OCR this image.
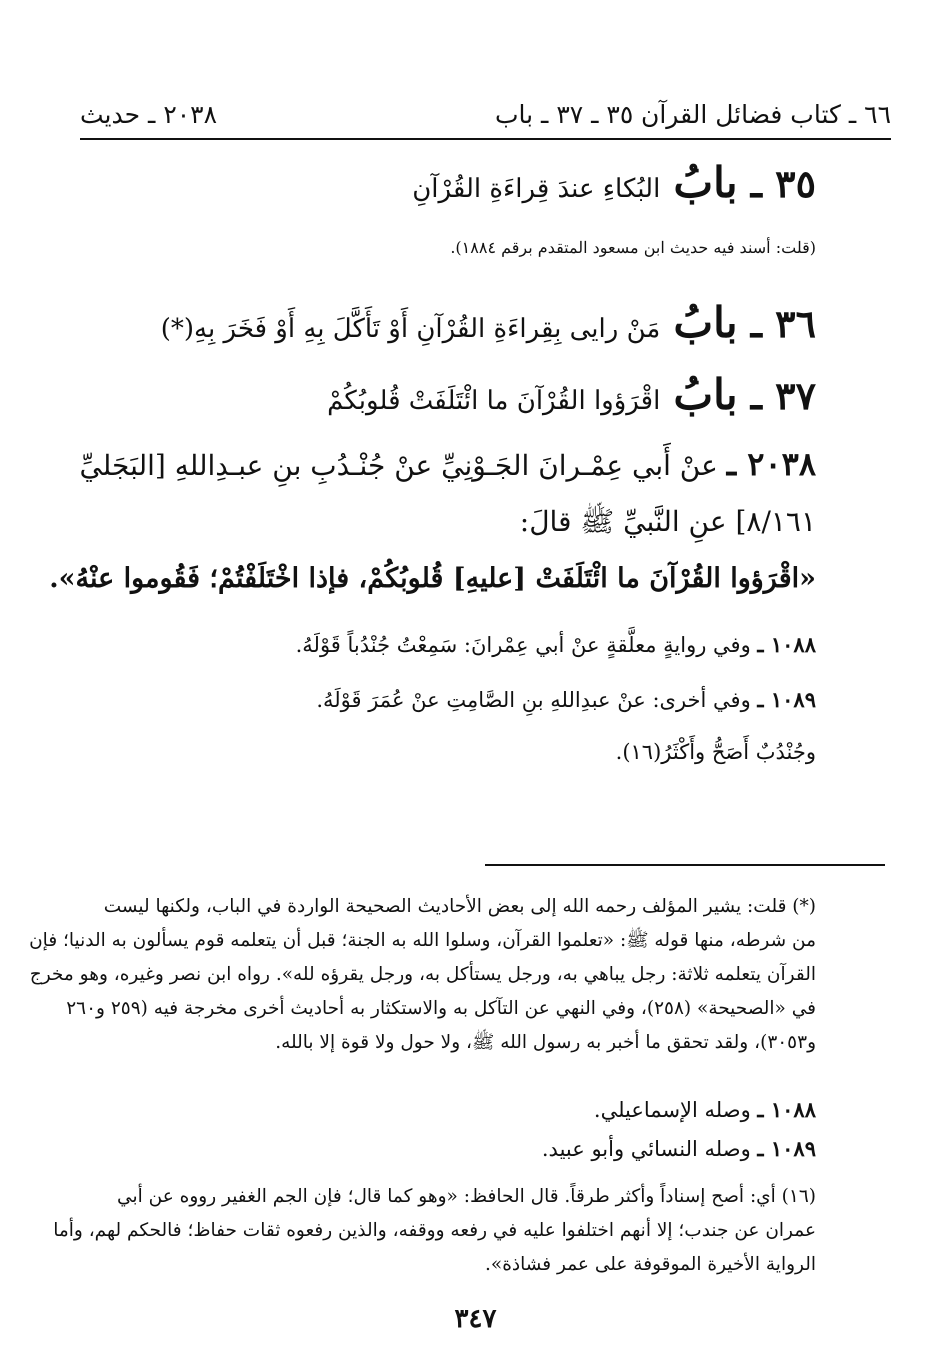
٦٦ ـ كتاب فضائل القرآن
٣٥ ـ ٣٧ ـ باب
٢٠٣٨ ـ حديث
٣٥ ـ بابُ البُكاءِ عندَ قِراءَةِ القُرْآنِ
(قلت: أسند فيه حديث ابن مسعود المتقدم برقم ١٨٨٤).
٣٦ ـ بابُ مَنْ رايى بِقِراءَةِ القُرْآنِ أَوْ تَأَكَّلَ بِهِ أَوْ فَخَرَ بِهِ(*)
٣٧ ـ بابُ اقْرَؤوا القُرْآنَ ما ائْتَلَفَتْ قُلوبُكُمْ
٢٠٣٨ ـ عنْ أَبي عِمْـرانَ الجَـوْنِيِّ عنْ جُنْـدُبِ بنِ عبـدِاللهِ [البَجَليِّ
٨/١٦١] عنِ النَّبيِّ ﷺ قالَ:
«اقْرَؤوا القُرْآنَ ما ائْتَلَفَتْ [عليهِ] قُلوبُكُمْ، فإذا اخْتَلَفْتُمْ؛ فَقُوموا عنْهُ».
١٠٨٨ ـ وفي روايةٍ معلَّقةٍ عنْ أبي عِمْرانَ: سَمِعْتُ جُنْدُباً قَوْلَهُ.
١٠٨٩ ـ وفي أخرى: عنْ عبدِاللهِ بنِ الصَّامِتِ عنْ عُمَرَ قَوْلَهُ.
وجُنْدُبٌ أَصَحُّ وأَكْثَرُ(١٦).
(*) قلت: يشير المؤلف رحمه الله إلى بعض الأحاديث الصحيحة الواردة في الباب، ولكنها ليست
من شرطه، منها قوله ﷺ: «تعلموا القرآن، وسلوا الله به الجنة؛ قبل أن يتعلمه قوم يسألون به الدنيا؛ فإن
القرآن يتعلمه ثلاثة: رجل يباهي به، ورجل يستأكل به، ورجل يقرؤه لله». رواه ابن نصر وغيره، وهو مخرج
في «الصحيحة» (٢٥٨)، وفي النهي عن التآكل به والاستكثار به أحاديث أخرى مخرجة فيه (٢٥٩ و٢٦٠
و٣٠٥٣)، ولقد تحقق ما أخبر به رسول الله ﷺ، ولا حول ولا قوة إلا بالله.
١٠٨٨ ـ وصله الإسماعيلي.
١٠٨٩ ـ وصله النسائي وأبو عبيد.
(١٦) أي: أصح إسناداً وأكثر طرقاً. قال الحافظ: «وهو كما قال؛ فإن الجم الغفير رووه عن أبي
عمران عن جندب؛ إلا أنهم اختلفوا عليه في رفعه ووقفه، والذين رفعوه ثقات حفاظ؛ فالحكم لهم، وأما
الرواية الأخيرة الموقوفة على عمر فشاذة».
٣٤٧
